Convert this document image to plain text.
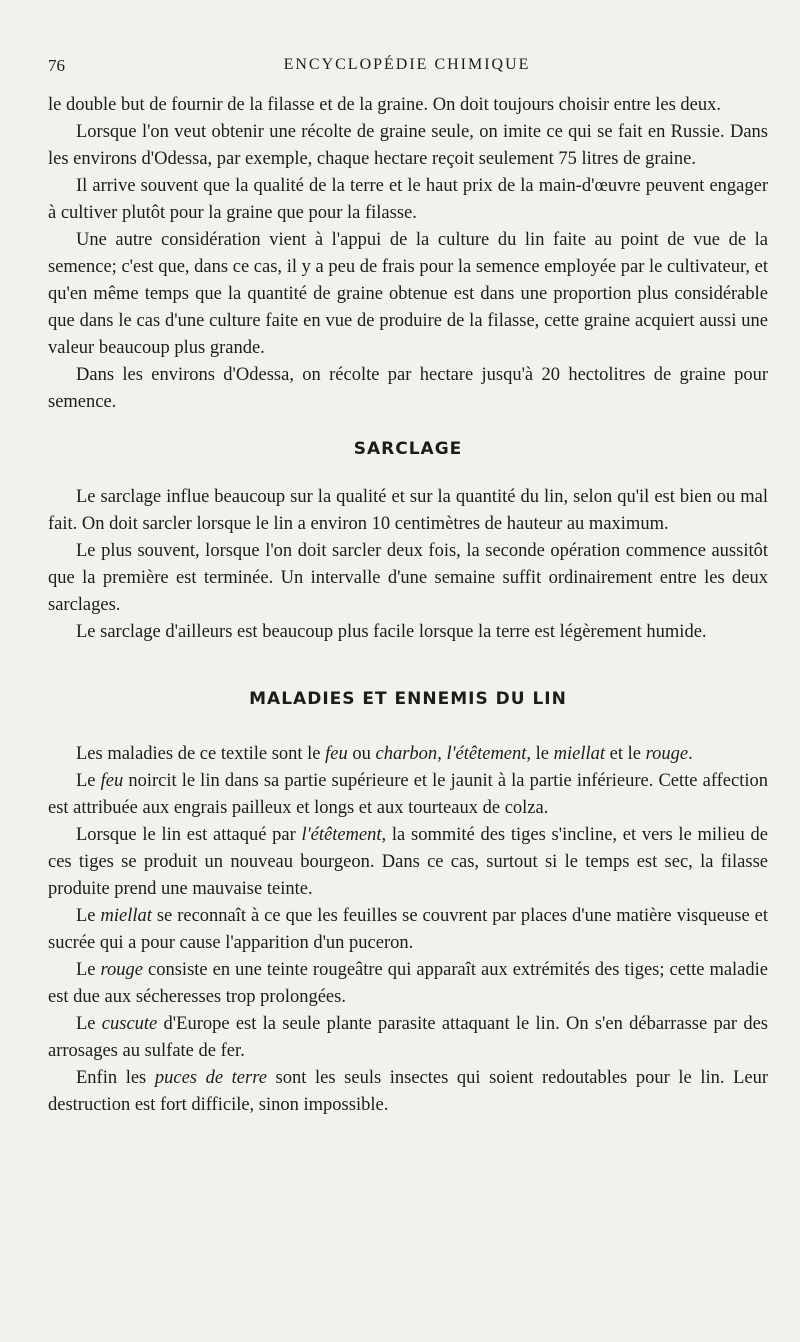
76	ENCYCLOPÉDIE CHIMIQUE

le double but de fournir de la filasse et de la graine. On doit toujours choisir entre les deux.

Lorsque l'on veut obtenir une récolte de graine seule, on imite ce qui se fait en Russie. Dans les environs d'Odessa, par exemple, chaque hectare reçoit seulement 75 litres de graine.

Il arrive souvent que la qualité de la terre et le haut prix de la main-d'œuvre peuvent engager à cultiver plutôt pour la graine que pour la filasse.

Une autre considération vient à l'appui de la culture du lin faite au point de vue de la semence; c'est que, dans ce cas, il y a peu de frais pour la semence employée par le cultivateur, et qu'en même temps que la quantité de graine obtenue est dans une proportion plus considérable que dans le cas d'une culture faite en vue de produire de la filasse, cette graine acquiert aussi une valeur beaucoup plus grande.

Dans les environs d'Odessa, on récolte par hectare jusqu'à 20 hectolitres de graine pour semence.

SARCLAGE

Le sarclage influe beaucoup sur la qualité et sur la quantité du lin, selon qu'il est bien ou mal fait. On doit sarcler lorsque le lin a environ 10 centimètres de hauteur au maximum.

Le plus souvent, lorsque l'on doit sarcler deux fois, la seconde opération commence aussitôt que la première est terminée. Un intervalle d'une semaine suffit ordinairement entre les deux sarclages.

Le sarclage d'ailleurs est beaucoup plus facile lorsque la terre est légèrement humide.

MALADIES ET ENNEMIS DU LIN

Les maladies de ce textile sont le feu ou charbon, l'étêtement, le miellat et le rouge.

Le feu noircit le lin dans sa partie supérieure et le jaunit à la partie inférieure. Cette affection est attribuée aux engrais pailleux et longs et aux tourteaux de colza.

Lorsque le lin est attaqué par l'étêtement, la sommité des tiges s'incline, et vers le milieu de ces tiges se produit un nouveau bourgeon. Dans ce cas, surtout si le temps est sec, la filasse produite prend une mauvaise teinte.

Le miellat se reconnaît à ce que les feuilles se couvrent par places d'une matière visqueuse et sucrée qui a pour cause l'apparition d'un puceron.

Le rouge consiste en une teinte rougeâtre qui apparaît aux extrémités des tiges; cette maladie est due aux sécheresses trop prolongées.

Le cuscute d'Europe est la seule plante parasite attaquant le lin. On s'en débarrasse par des arrosages au sulfate de fer.

Enfin les puces de terre sont les seuls insectes qui soient redoutables pour le lin. Leur destruction est fort difficile, sinon impossible.
